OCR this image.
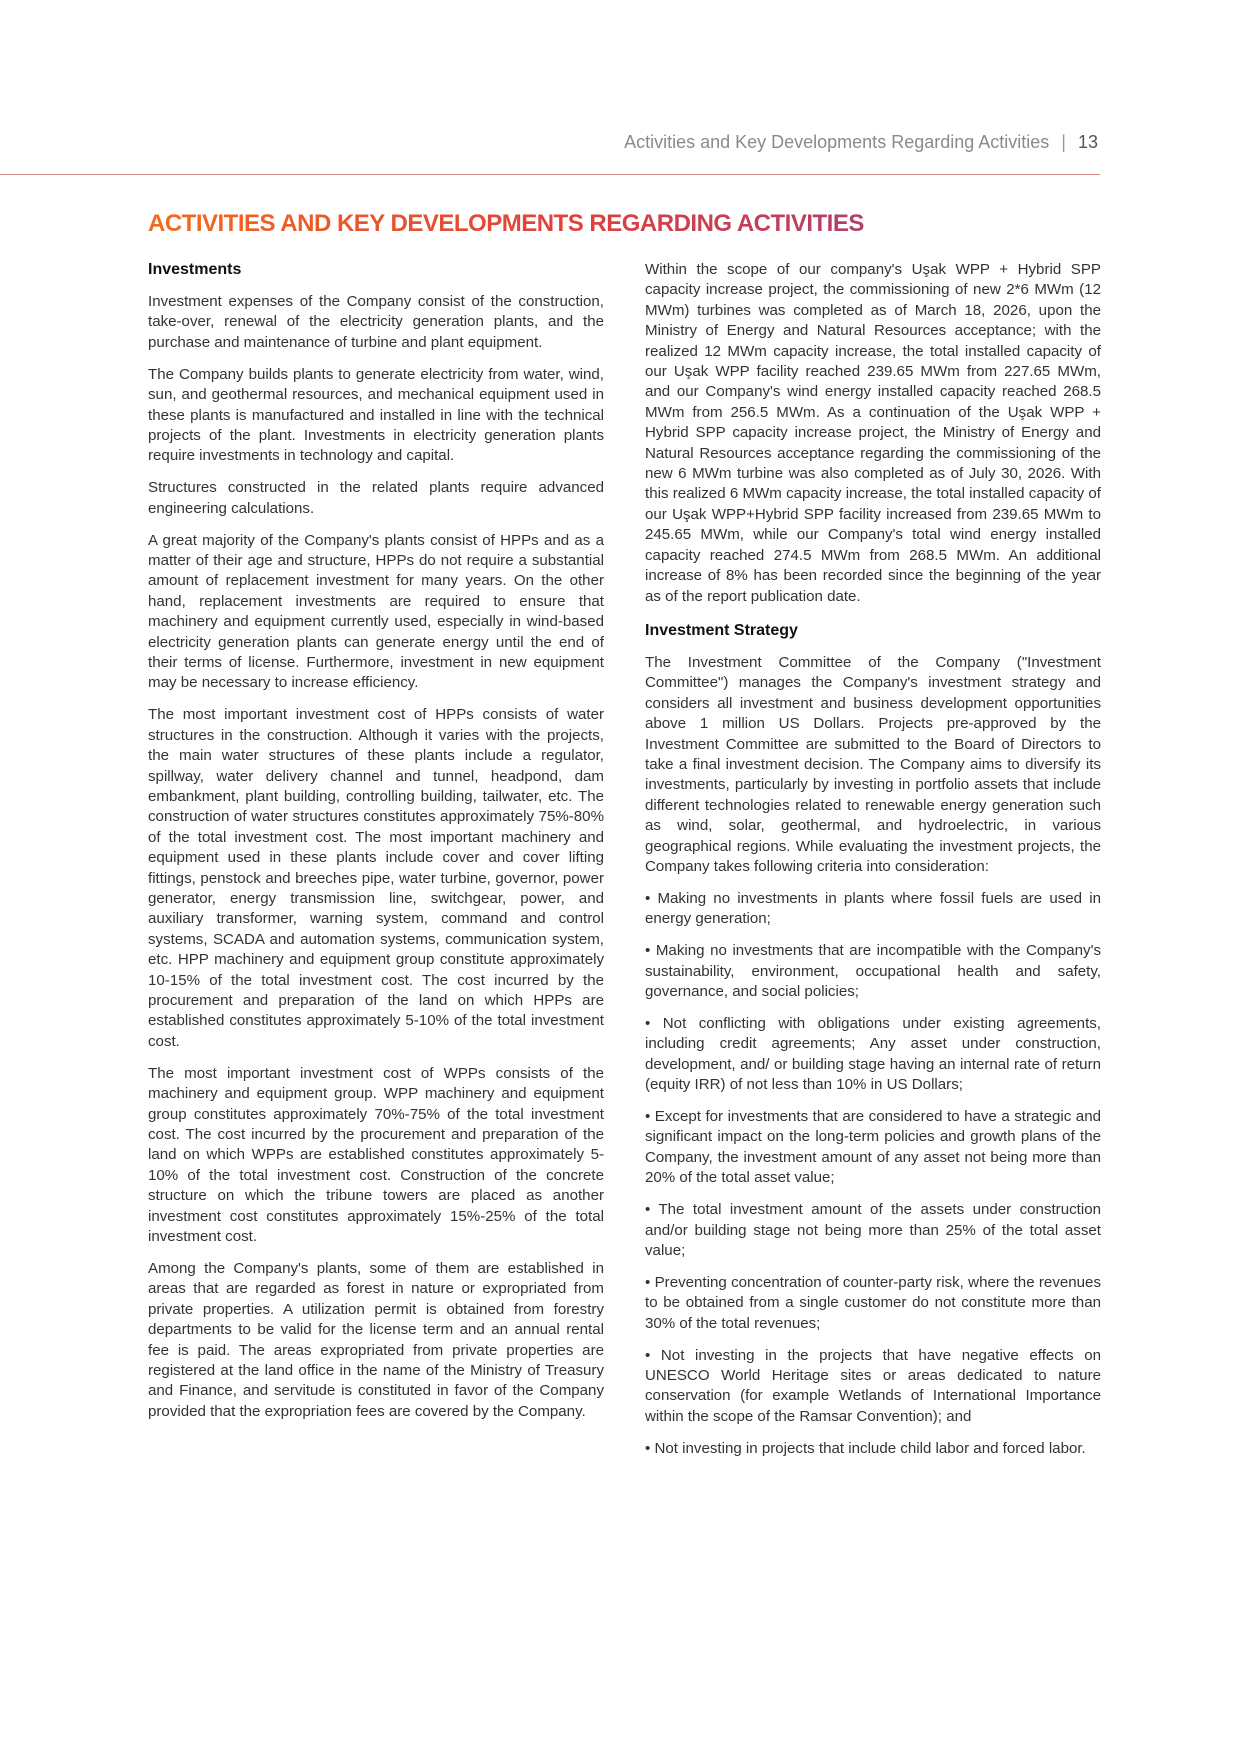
Activities and Key Developments Regarding Activities | 13
ACTIVITIES AND KEY DEVELOPMENTS REGARDING ACTIVITIES
Investments

Investment expenses of the Company consist of the construction, take-over, renewal of the electricity generation plants, and the purchase and maintenance of turbine and plant equipment.

The Company builds plants to generate electricity from water, wind, sun, and geothermal resources, and mechanical equipment used in these plants is manufactured and installed in line with the technical projects of the plant. Investments in electricity generation plants require investments in technology and capital.

Structures constructed in the related plants require advanced engineering calculations.

A great majority of the Company's plants consist of HPPs and as a matter of their age and structure, HPPs do not require a substantial amount of replacement investment for many years. On the other hand, replacement investments are required to ensure that machinery and equipment currently used, especially in wind-based electricity generation plants can generate energy until the end of their terms of license. Furthermore, investment in new equipment may be necessary to increase efficiency.

The most important investment cost of HPPs consists of water structures in the construction. Although it varies with the projects, the main water structures of these plants include a regulator, spillway, water delivery channel and tunnel, headpond, dam embankment, plant building, controlling building, tailwater, etc. The construction of water structures constitutes approximately 75%-80% of the total investment cost. The most important machinery and equipment used in these plants include cover and cover lifting fittings, penstock and breeches pipe, water turbine, governor, power generator, energy transmission line, switchgear, power, and auxiliary transformer, warning system, command and control systems, SCADA and automation systems, communication system, etc. HPP machinery and equipment group constitute approximately 10-15% of the total investment cost. The cost incurred by the procurement and preparation of the land on which HPPs are established constitutes approximately 5-10% of the total investment cost.

The most important investment cost of WPPs consists of the machinery and equipment group. WPP machinery and equipment group constitutes approximately 70%-75% of the total investment cost. The cost incurred by the procurement and preparation of the land on which WPPs are established constitutes approximately 5-10% of the total investment cost. Construction of the concrete structure on which the tribune towers are placed as another investment cost constitutes approximately 15%-25% of the total investment cost.

Among the Company's plants, some of them are established in areas that are regarded as forest in nature or expropriated from private properties. A utilization permit is obtained from forestry departments to be valid for the license term and an annual rental fee is paid. The areas expropriated from private properties are registered at the land office in the name of the Ministry of Treasury and Finance, and servitude is constituted in favor of the Company provided that the expropriation fees are covered by the Company.

Within the scope of our company's Uşak WPP + Hybrid SPP capacity increase project, the commissioning of new 2*6 MWm (12 MWm) turbines was completed as of March 18, 2026, upon the Ministry of Energy and Natural Resources acceptance; with the realized 12 MWm capacity increase, the total installed capacity of our Uşak WPP facility reached 239.65 MWm from 227.65 MWm, and our Company's wind energy installed capacity reached 268.5 MWm from 256.5 MWm. As a continuation of the Uşak WPP + Hybrid SPP capacity increase project, the Ministry of Energy and Natural Resources acceptance regarding the commissioning of the new 6 MWm turbine was also completed as of July 30, 2026. With this realized 6 MWm capacity increase, the total installed capacity of our Uşak WPP+Hybrid SPP facility increased from 239.65 MWm to 245.65 MWm, while our Company's total wind energy installed capacity reached 274.5 MWm from 268.5 MWm. An additional increase of 8% has been recorded since the beginning of the year as of the report publication date.

Investment Strategy

The Investment Committee of the Company ("Investment Committee") manages the Company's investment strategy and considers all investment and business development opportunities above 1 million US Dollars. Projects pre-approved by the Investment Committee are submitted to the Board of Directors to take a final investment decision. The Company aims to diversify its investments, particularly by investing in portfolio assets that include different technologies related to renewable energy generation such as wind, solar, geothermal, and hydroelectric, in various geographical regions. While evaluating the investment projects, the Company takes following criteria into consideration:

• Making no investments in plants where fossil fuels are used in energy generation;

• Making no investments that are incompatible with the Company's sustainability, environment, occupational health and safety, governance, and social policies;

• Not conflicting with obligations under existing agreements, including credit agreements; Any asset under construction, development, and/ or building stage having an internal rate of return (equity IRR) of not less than 10% in US Dollars;

• Except for investments that are considered to have a strategic and significant impact on the long-term policies and growth plans of the Company, the investment amount of any asset not being more than 20% of the total asset value;

• The total investment amount of the assets under construction and/or building stage not being more than 25% of the total asset value;

• Preventing concentration of counter-party risk, where the revenues to be obtained from a single customer do not constitute more than 30% of the total revenues;

• Not investing in the projects that have negative effects on UNESCO World Heritage sites or areas dedicated to nature conservation (for example Wetlands of International Importance within the scope of the Ramsar Convention); and

• Not investing in projects that include child labor and forced labor.
